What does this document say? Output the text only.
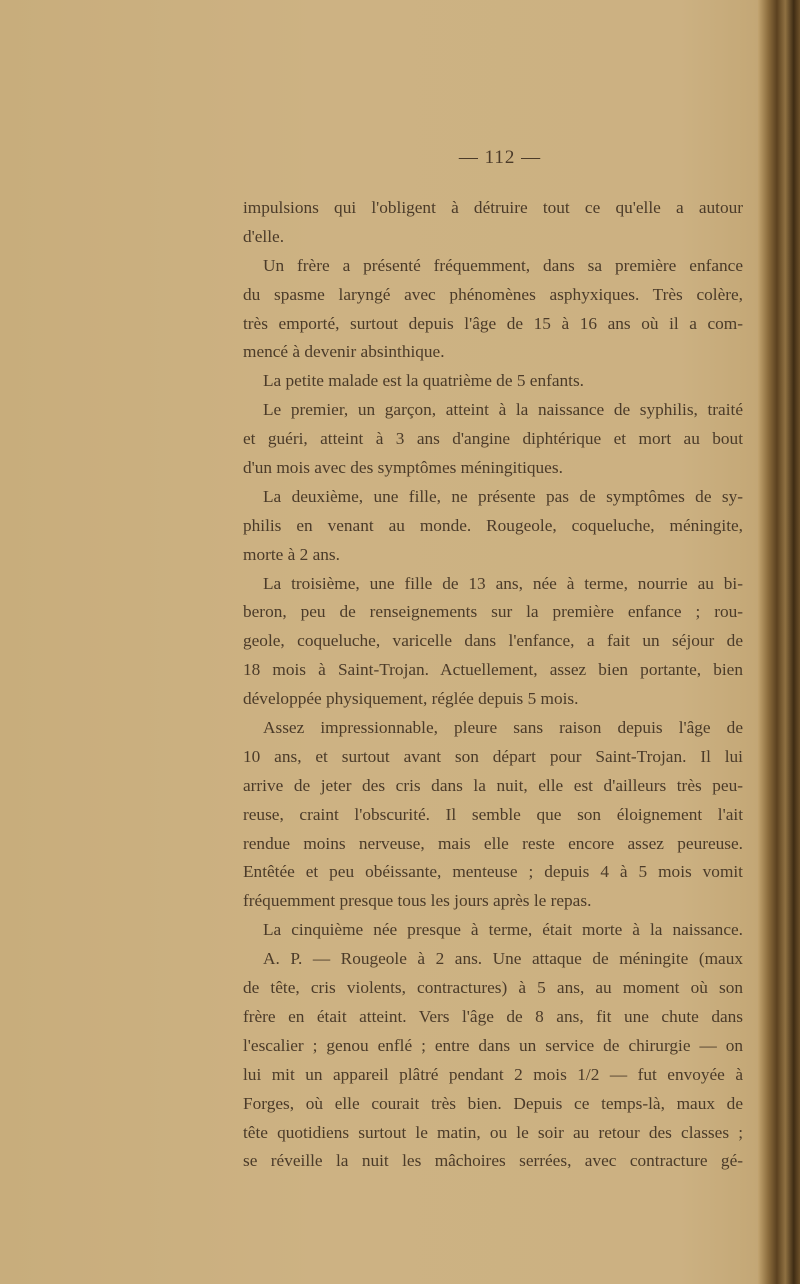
— 112 —
impulsions qui l'obligent à détruire tout ce qu'elle a autour
d'elle.
Un frère a présenté fréquemment, dans sa première enfance
du spasme laryngé avec phénomènes asphyxiques. Très colère,
très emporté, surtout depuis l'âge de 15 à 16 ans où il a com-
mencé à devenir absinthique.
La petite malade est la quatrième de 5 enfants.
Le premier, un garçon, atteint à la naissance de syphilis, traité
et guéri, atteint à 3 ans d'angine diphtérique et mort au bout
d'un mois avec des symptômes méningitiques.
La deuxième, une fille, ne présente pas de symptômes de sy-
philis en venant au monde. Rougeole, coqueluche, méningite,
morte à 2 ans.
La troisième, une fille de 13 ans, née à terme, nourrie au bi-
beron, peu de renseignements sur la première enfance ; rou-
geole, coqueluche, varicelle dans l'enfance, a fait un séjour de
18 mois à Saint-Trojan. Actuellement, assez bien portante, bien
développée physiquement, réglée depuis 5 mois.
Assez impressionnable, pleure sans raison depuis l'âge de
10 ans, et surtout avant son départ pour Saint-Trojan. Il lui
arrive de jeter des cris dans la nuit, elle est d'ailleurs très peu-
reuse, craint l'obscurité. Il semble que son éloignement l'ait
rendue moins nerveuse, mais elle reste encore assez peureuse.
Entêtée et peu obéissante, menteuse ; depuis 4 à 5 mois vomit
fréquemment presque tous les jours après le repas.
La cinquième née presque à terme, était morte à la naissance.
A. P. — Rougeole à 2 ans. Une attaque de méningite (maux
de tête, cris violents, contractures) à 5 ans, au moment où son
frère en était atteint. Vers l'âge de 8 ans, fit une chute dans
l'escalier ; genou enflé ; entre dans un service de chirurgie — on
lui mit un appareil plâtré pendant 2 mois 1/2 — fut envoyée à
Forges, où elle courait très bien. Depuis ce temps-là, maux de
tête quotidiens surtout le matin, ou le soir au retour des classes ;
se réveille la nuit les mâchoires serrées, avec contracture gé-
